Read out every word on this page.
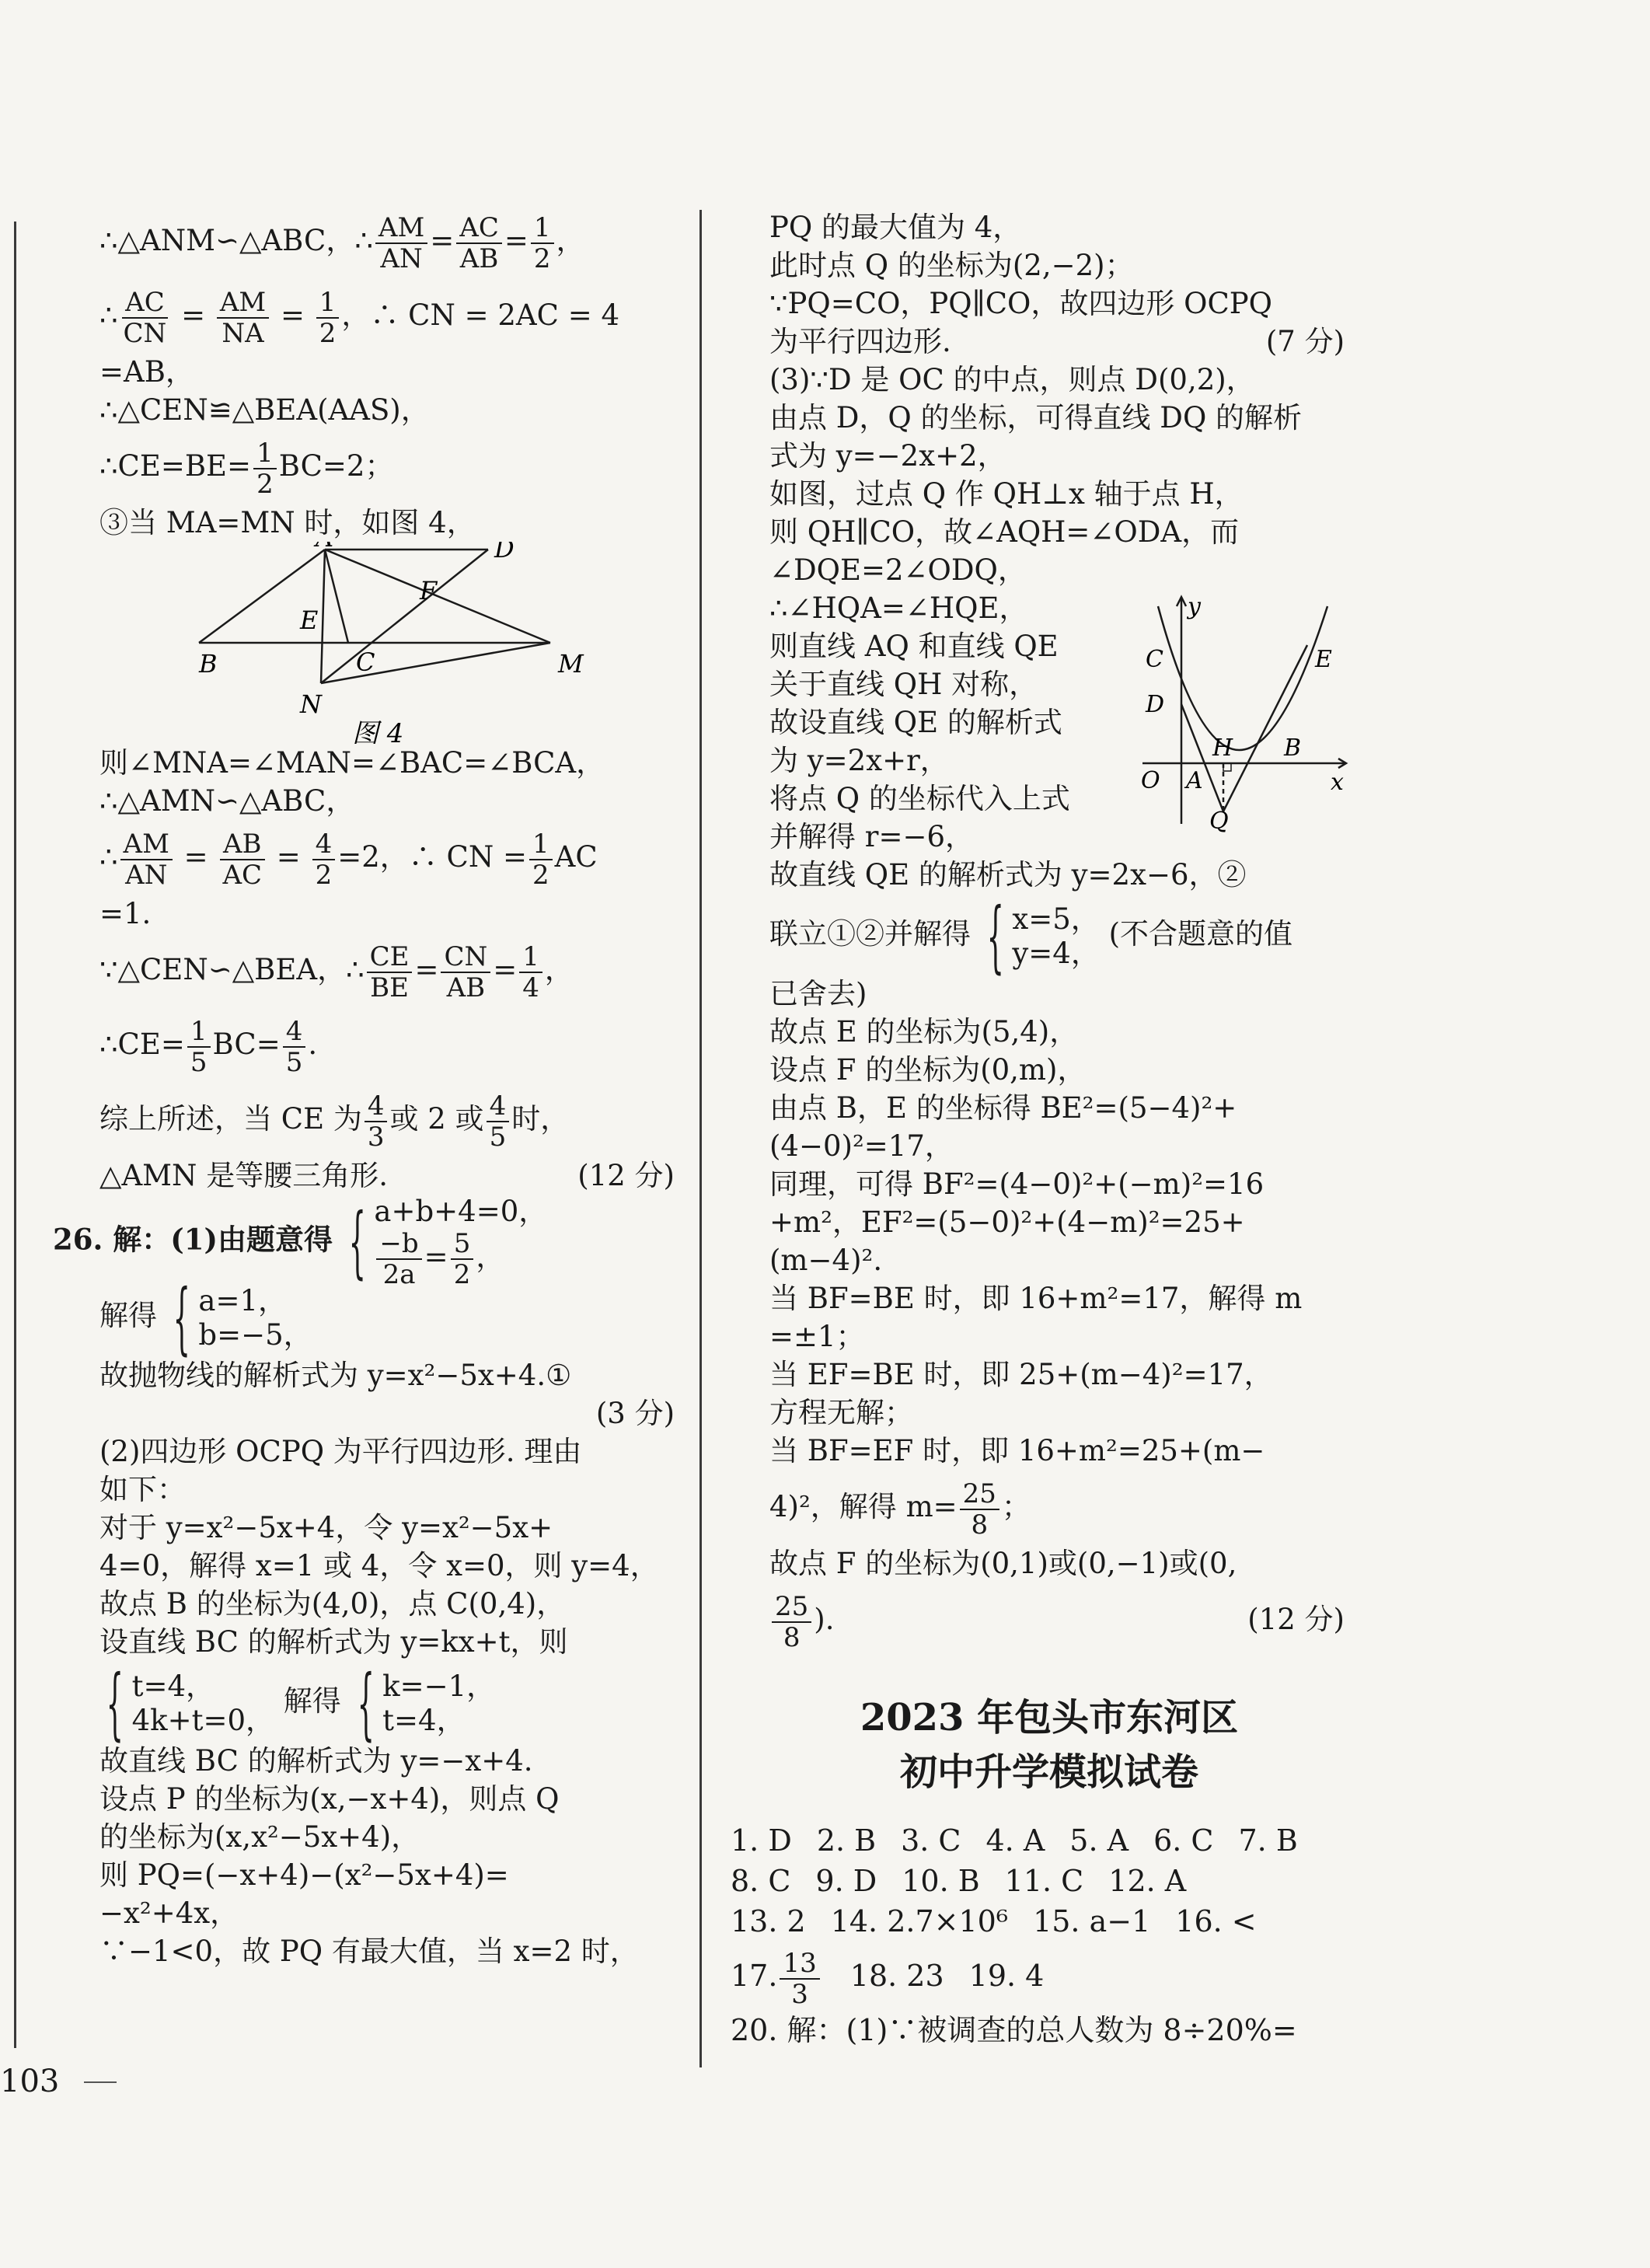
∴△ANM∽△ABC，∴ $\frac{AM}{AN} = \frac{AC}{AB} = \frac{1}{2}$ ，
∴ $\frac{AC}{CN} = \frac{AM}{NA} = \frac{1}{2}$ ，∴ CN = 2AC = 4
=AB，
∴△CEN≌△BEA(AAS)，
∴CE=BE= $\frac{1}{2} BC=2$；
③当 MA=MN 时，如图 4，
D
F
E
B	C	M
N
图 4
则∠MNA=∠MAN=∠BAC=∠BCA，
∴△AMN∽△ABC，
∴ $\frac{AM}{AN} = \frac{AB}{AC} = \frac{4}{2} =2$，∴ CN = $\frac{1}{2}$ AC
=1.
∵△CEN∽△BEA，∴ $\frac{CE}{BE} = \frac{CN}{AB} = \frac{1}{4}$ ，
∴CE= $\frac{1}{5} BC= \frac{4}{5}$ .
综上所述，当 CE 为 $\frac{4}{3}$ 或 2 或 $\frac{4}{5}$ 时，
△AMN 是等腰三角形.	(12 分)
26. 解：(1)由题意得 { a+b+4=0，
$\frac{-b}{2a} = \frac{5}{2}$ ，
解得 { a=1，
b=−5，
故抛物线的解析式为 y=x²−5x+4.①
(3 分)
(2)四边形 OCPQ 为平行四边形. 理由
如下：
对于 y=x²−5x+4，令 y=x²−5x+
4=0，解得 x=1 或 4，令 x=0，则 y=4，
故点 B 的坐标为(4,0)，点 C(0,4)，
设直线 BC 的解析式为 y=kx+t，则
{ t=4，
4k+t=0，
解得 { k=−1，
t=4，
故直线 BC 的解析式为 y=−x+4.
设点 P 的坐标为(x,−x+4)，则点 Q
的坐标为(x,x²−5x+4)，
则 PQ=(−x+4)−(x²−5x+4)=
−x²+4x，
∵−1<0，故 PQ 有最大值，当 x=2 时，
PQ 的最大值为 4，
此时点 Q 的坐标为(2,−2)；
∵PQ=CO，PQ∥CO，故四边形 OCPQ
为平行四边形.	(7 分)
(3)∵D 是 OC 的中点，则点 D(0,2)，
由点 D，Q 的坐标，可得直线 DQ 的解析
式为 y=−2x+2，
如图，过点 Q 作 QH⊥x 轴于点 H，
则 QH∥CO，故∠AQH=∠ODA，而
∠DQE=2∠ODQ，
∴∠HQA=∠HQE，
则直线 AQ 和直线 QE
关于直线 QH 对称，
故设直线 QE 的解析式
为 y=2x+r，
将点 Q 的坐标代入上式
并解得 r=−6，
故直线 QE 的解析式为 y=2x−6，②
联立①②并解得 { x=5，
y=4，
(不合题意的值
已舍去)
故点 E 的坐标为(5,4)，
设点 F 的坐标为(0,m)，
由点 B，E 的坐标得 BE²=(5−4)²+
(4−0)²=17，
同理，可得 BF²=(4−0)²+(−m)²=16
+m²，EF²=(5−0)²+(4−m)²=25+
(m−4)².
当 BF=BE 时，即 16+m²=17，解得 m
=±1；
当 EF=BE 时，即 25+(m−4)²=17，
方程无解；
当 BF=EF 时，即 16+m²=25+(m−
4)²，解得 $m= \frac{25}{8}$ ；
故点 F 的坐标为(0,1)或(0,−1)或(0,
$\frac{25}{8}$ ).	(12 分)
y
x
O A
H B
C
D
E
Q
2023 年包头市东河区
初中升学模拟试卷
1. D 2. B 3. C 4. A 5. A 6. C 7. B
8. C 9. D 10. B 11. C 12. A
13. 2 14. 2.7×10⁶ 15. a−1 16. <
17. $\frac{13}{3} 18$. 23 19. 4
20. 解：(1)∵被调查的总人数为 8÷20%=
103
